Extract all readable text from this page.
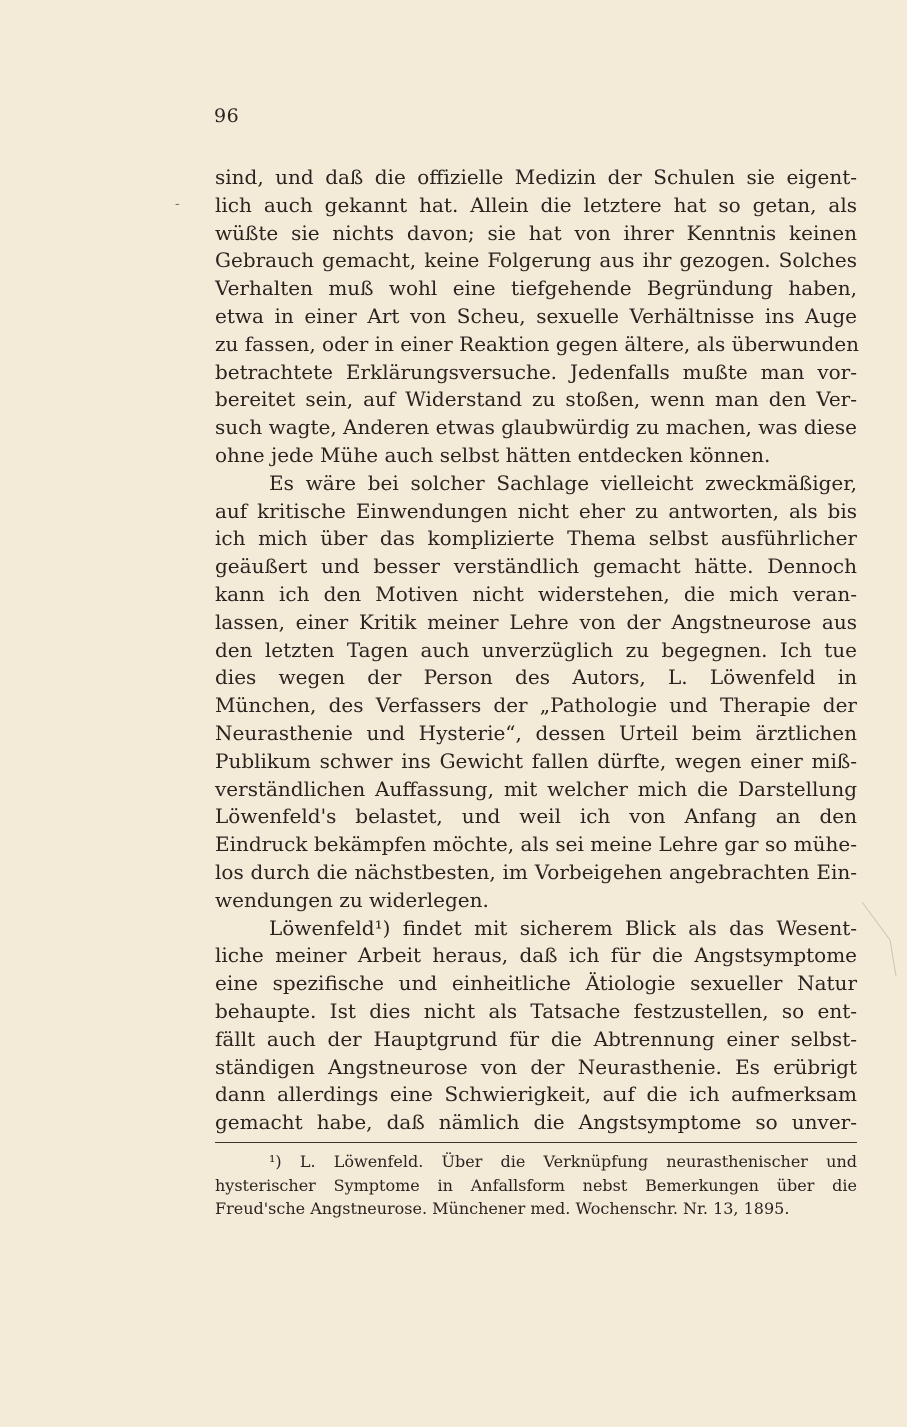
96
-
sind, und daß die offizielle Medizin der Schulen sie eigent-
lich auch gekannt hat. Allein die letztere hat so getan, als
wüßte sie nichts davon; sie hat von ihrer Kenntnis keinen
Gebrauch gemacht, keine Folgerung aus ihr gezogen. Solches
Verhalten muß wohl eine tiefgehende Begründung haben,
etwa in einer Art von Scheu, sexuelle Verhältnisse ins Auge
zu fassen, oder in einer Reaktion gegen ältere, als überwunden
betrachtete Erklärungsversuche. Jedenfalls mußte man vor-
bereitet sein, auf Widerstand zu stoßen, wenn man den Ver-
such wagte, Anderen etwas glaubwürdig zu machen, was diese
ohne jede Mühe auch selbst hätten entdecken können.
Es wäre bei solcher Sachlage vielleicht zweckmäßiger,
auf kritische Einwendungen nicht eher zu antworten, als bis
ich mich über das komplizierte Thema selbst ausführlicher
geäußert und besser verständlich gemacht hätte. Dennoch
kann ich den Motiven nicht widerstehen, die mich veran-
lassen, einer Kritik meiner Lehre von der Angstneurose aus
den letzten Tagen auch unverzüglich zu begegnen. Ich tue
dies wegen der Person des Autors, L. Löwenfeld in
München, des Verfassers der „Pathologie und Therapie der
Neurasthenie und Hysterie“, dessen Urteil beim ärztlichen
Publikum schwer ins Gewicht fallen dürfte, wegen einer miß-
verständlichen Auffassung, mit welcher mich die Darstellung
Löwenfeld's belastet, und weil ich von Anfang an den
Eindruck bekämpfen möchte, als sei meine Lehre gar so mühe-
los durch die nächstbesten, im Vorbeigehen angebrachten Ein-
wendungen zu widerlegen.
Löwenfeld¹) findet mit sicherem Blick als das Wesent-
liche meiner Arbeit heraus, daß ich für die Angstsymptome
eine spezifische und einheitliche Ätiologie sexueller Natur
behaupte. Ist dies nicht als Tatsache festzustellen, so ent-
fällt auch der Hauptgrund für die Abtrennung einer selbst-
ständigen Angstneurose von der Neurasthenie. Es erübrigt
dann allerdings eine Schwierigkeit, auf die ich aufmerksam
gemacht habe, daß nämlich die Angstsymptome so unver-
¹) L. Löwenfeld. Über die Verknüpfung neurasthenischer und
hysterischer Symptome in Anfallsform nebst Bemerkungen über die
Freud'sche Angstneurose. Münchener med. Wochenschr. Nr. 13, 1895.
